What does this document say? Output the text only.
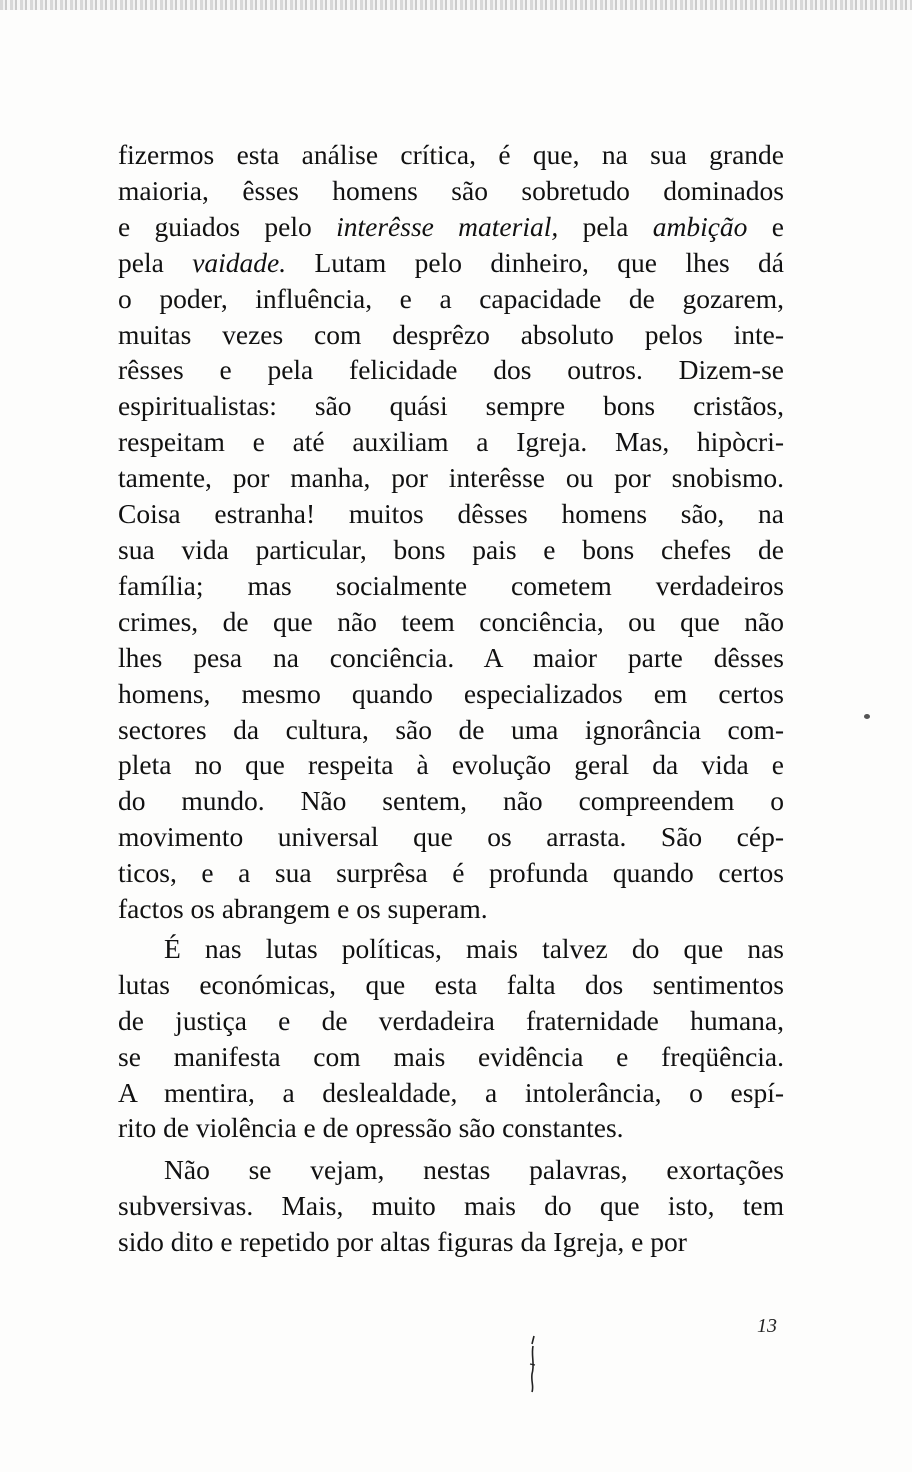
fizermos esta análise crítica, é que, na sua grande
maioria, êsses homens são sobretudo dominados
e guiados pelo interêsse material, pela ambição e
pela vaidade. Lutam pelo dinheiro, que lhes dá
o poder, influência, e a capacidade de gozarem,
muitas vezes com desprêzo absoluto pelos inte-
rêsses e pela felicidade dos outros. Dizem-se
espiritualistas: são quási sempre bons cristãos,
respeitam e até auxiliam a Igreja. Mas, hipòcri-
tamente, por manha, por interêsse ou por snobismo.
Coisa estranha! muitos dêsses homens são, na
sua vida particular, bons pais e bons chefes de
família; mas socialmente cometem verdadeiros
crimes, de que não teem conciência, ou que não
lhes pesa na conciência. A maior parte dêsses
homens, mesmo quando especializados em certos
sectores da cultura, são de uma ignorância com-
pleta no que respeita à evolução geral da vida e
do mundo. Não sentem, não compreendem o
movimento universal que os arrasta. São cép-
ticos, e a sua surprêsa é profunda quando certos
factos os abrangem e os superam.

É nas lutas políticas, mais talvez do que nas
lutas económicas, que esta falta dos sentimentos
de justiça e de verdadeira fraternidade humana,
se manifesta com mais evidência e freqüência.
A mentira, a deslealdade, a intolerância, o espí-
rito de violência e de opressão são constantes.

Não se vejam, nestas palavras, exortações
subversivas. Mais, muito mais do que isto, tem
sido dito e repetido por altas figuras da Igreja, e por

13
